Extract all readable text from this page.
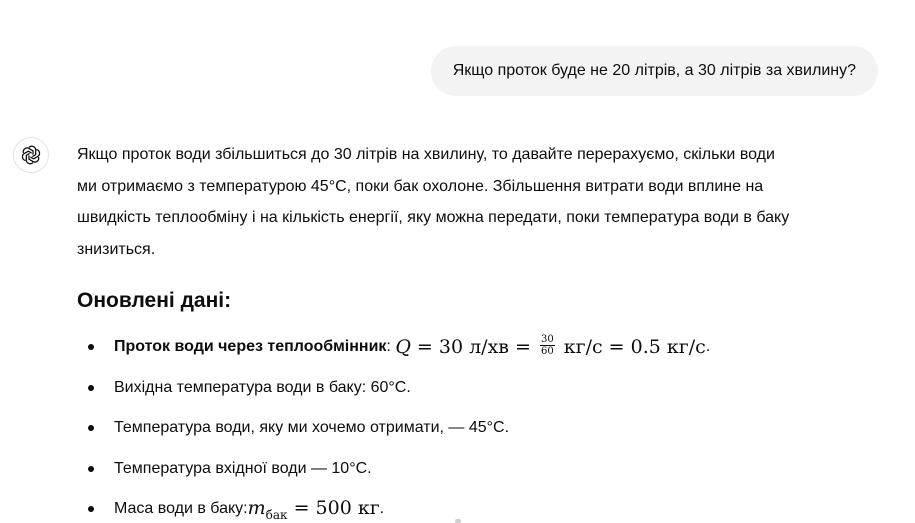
Якщо проток буде не 20 літрів, а 30 літрів за хвилину?

Якщо проток води збільшиться до 30 літрів на хвилину, то давайте перерахуємо, скільки води
ми отримаємо з температурою 45°C, поки бак охолоне. Збільшення витрати води вплине на
швидкість теплообміну і на кількість енергії, яку можна передати, поки температура води в баку
знизиться.

Оновлені дані:
Проток води через теплообмінник :
Q = 30 $л/хв = \frac{30}{60} кг/с = 0.5$ кг/с .
Вихідна температура води в баку: 60°C.
Температура води, яку ми хочемо отримати, — 45°C.
Температура вхідної води — 10°C.
Маса води в баку: $m_{бак} = 500$ кг .
